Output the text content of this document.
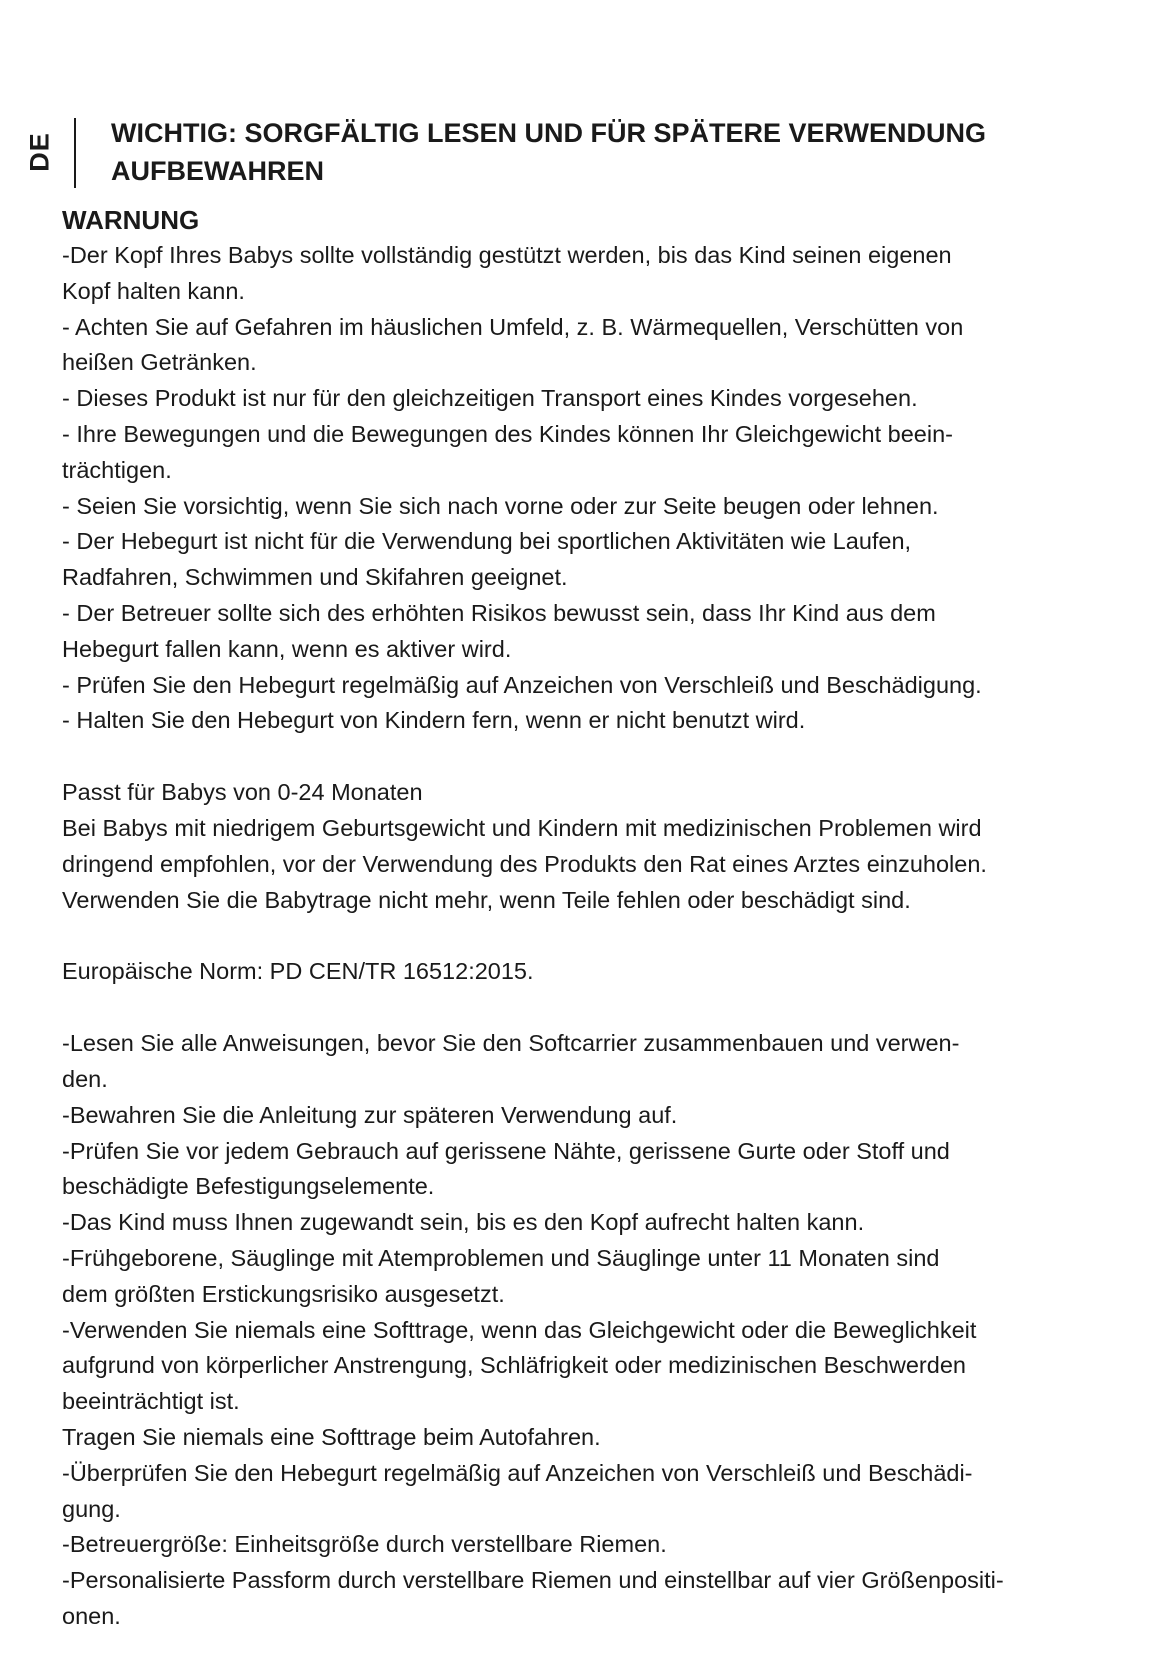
DE WICHTIG: SORGFÄLTIG LESEN UND FÜR SPÄTERE VERWENDUNG
AUFBEWAHREN
WARNUNG

-Der Kopf Ihres Babys sollte vollständig gestützt werden, bis das Kind seinen eigenen

Kopf halten kann.

- Achten Sie auf Gefahren im häuslichen Umfeld, z. B. Wärmequellen, Verschütten von

heißen Getränken.

- Dieses Produkt ist nur für den gleichzeitigen Transport eines Kindes vorgesehen.

- Ihre Bewegungen und die Bewegungen des Kindes können Ihr Gleichgewicht beein-

trächtigen.

- Seien Sie vorsichtig, wenn Sie sich nach vorne oder zur Seite beugen oder lehnen.

- Der Hebegurt ist nicht für die Verwendung bei sportlichen Aktivitäten wie Laufen,

Radfahren, Schwimmen und Skifahren geeignet.

- Der Betreuer sollte sich des erhöhten Risikos bewusst sein, dass Ihr Kind aus dem

Hebegurt fallen kann, wenn es aktiver wird.

- Prüfen Sie den Hebegurt regelmäßig auf Anzeichen von Verschleiß und Beschädigung.

- Halten Sie den Hebegurt von Kindern fern, wenn er nicht benutzt wird.

Passt für Babys von 0-24 Monaten

Bei Babys mit niedrigem Geburtsgewicht und Kindern mit medizinischen Problemen wird

dringend empfohlen, vor der Verwendung des Produkts den Rat eines Arztes einzuholen.

Verwenden Sie die Babytrage nicht mehr, wenn Teile fehlen oder beschädigt sind.

Europäische Norm: PD CEN/TR 16512:2015.

-Lesen Sie alle Anweisungen, bevor Sie den Softcarrier zusammenbauen und verwen-

den.

-Bewahren Sie die Anleitung zur späteren Verwendung auf.

-Prüfen Sie vor jedem Gebrauch auf gerissene Nähte, gerissene Gurte oder Stoff und

beschädigte Befestigungselemente.

-Das Kind muss Ihnen zugewandt sein, bis es den Kopf aufrecht halten kann.

-Frühgeborene, Säuglinge mit Atemproblemen und Säuglinge unter 11 Monaten sind

dem größten Erstickungsrisiko ausgesetzt.

-Verwenden Sie niemals eine Softtrage, wenn das Gleichgewicht oder die Beweglichkeit

aufgrund von körperlicher Anstrengung, Schläfrigkeit oder medizinischen Beschwerden

beeinträchtigt ist.

Tragen Sie niemals eine Softtrage beim Autofahren.

-Überprüfen Sie den Hebegurt regelmäßig auf Anzeichen von Verschleiß und Beschädi-

gung.

-Betreuergröße: Einheitsgröße durch verstellbare Riemen.

-Personalisierte Passform durch verstellbare Riemen und einstellbar auf vier Größenpositi-

onen.
